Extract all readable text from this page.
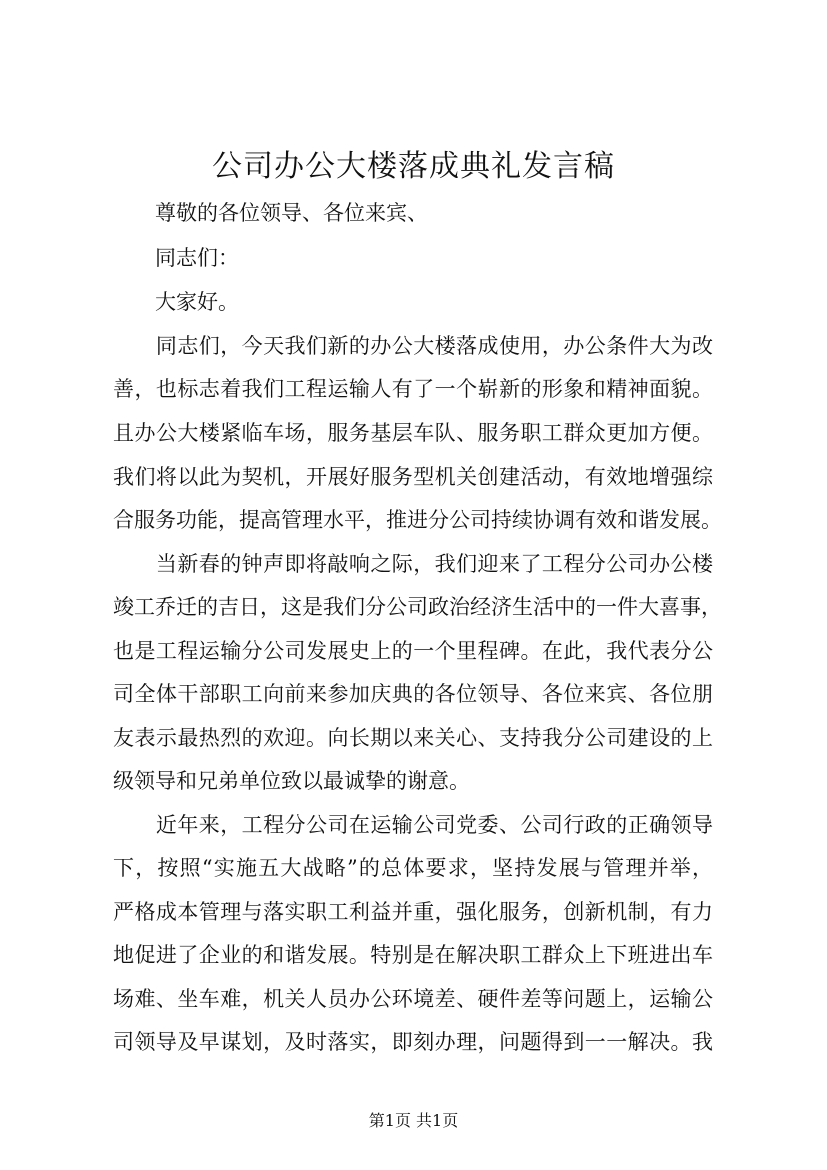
公司办公大楼落成典礼发言稿
　　尊敬的各位领导、各位来宾、
　　同志们：
　　大家好。
　　同志们，今天我们新的办公大楼落成使用，办公条件大为改
善，也标志着我们工程运输人有了一个崭新的形象和精神面貌。
且办公大楼紧临车场，服务基层车队、服务职工群众更加方便。
我们将以此为契机，开展好服务型机关创建活动，有效地增强综
合服务功能，提高管理水平，推进分公司持续协调有效和谐发展。
　　当新春的钟声即将敲响之际，我们迎来了工程分公司办公楼
竣工乔迁的吉日，这是我们分公司政治经济生活中的一件大喜事，
也是工程运输分公司发展史上的一个里程碑。在此，我代表分公
司全体干部职工向前来参加庆典的各位领导、各位来宾、各位朋
友表示最热烈的欢迎。向长期以来关心、支持我分公司建设的上
级领导和兄弟单位致以最诚挚的谢意。
　　近年来，工程分公司在运输公司党委、公司行政的正确领导
下，按照“实施五大战略”的总体要求，坚持发展与管理并举，
严格成本管理与落实职工利益并重，强化服务，创新机制，有力
地促进了企业的和谐发展。特别是在解决职工群众上下班进出车
场难、坐车难，机关人员办公环境差、硬件差等问题上，运输公
司领导及早谋划，及时落实，即刻办理，问题得到一一解决。我
第1页 共1页
